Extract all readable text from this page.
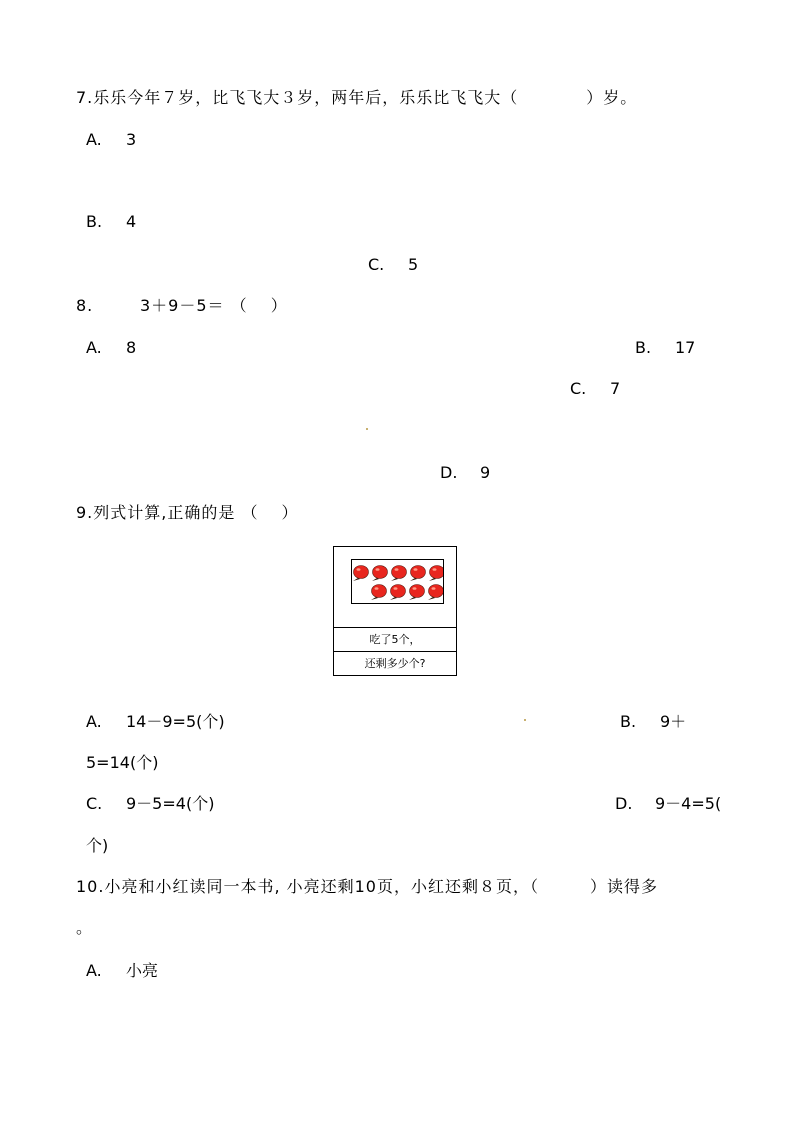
7.乐乐今年７岁，比飞飞大３岁，两年后，乐乐比飞飞大（　　　　）岁。
A. 3
B. 4
C. 5
8.	3＋9－5＝ （　 ）
A. 8	B. 17
C. 7
D. 9
9.列式计算,正确的是 （　 ）
吃了5个，
还剩多少个?
A. 14－9=5(个)	B. 9＋
5=14(个)
C. 9－5=4(个)	D. 9－4=5(
个)
10.小亮和小红读同一本书, 小亮还剩10页，小红还剩８页，（　　　）读得多
。
A. 小亮
